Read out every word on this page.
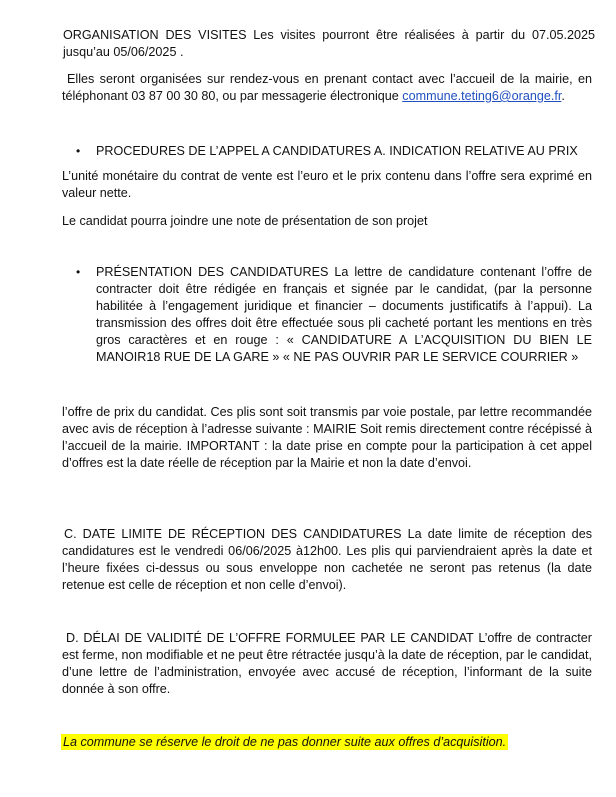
ORGANISATION DES VISITES Les visites pourront être réalisées à partir du 07.05.2025
jusqu’au 05/06/2025 .
Elles seront organisées sur rendez-vous en prenant contact avec l’accueil de la mairie, en
téléphonant 03 87 00 30 80, ou par messagerie électronique commune.teting6@orange.fr.
• PROCEDURES DE L’APPEL A CANDIDATURES A. INDICATION RELATIVE AU PRIX
L’unité monétaire du contrat de vente est l’euro et le prix contenu dans l’offre sera exprimé en valeur nette.
Le candidat pourra joindre une note de présentation de son projet
• PRÉSENTATION DES CANDIDATURES La lettre de candidature contenant l’offre de contracter doit être rédigée en français et signée par le candidat, (par la personne habilitée à l’engagement juridique et financier – documents justificatifs à l’appui). La transmission des offres doit être effectuée sous pli cacheté portant les mentions en très gros caractères et en rouge : « CANDIDATURE A L’ACQUISITION DU BIEN LE MANOIR18 RUE DE LA GARE » « NE PAS OUVRIR PAR LE SERVICE COURRIER »
l’offre de prix du candidat. Ces plis sont soit transmis par voie postale, par lettre recommandée avec avis de réception à l’adresse suivante : MAIRIE Soit remis directement contre récépissé à l’accueil de la mairie. IMPORTANT : la date prise en compte pour la participation à cet appel d’offres est la date réelle de réception par la Mairie et non la date d’envoi.
C. DATE LIMITE DE RÉCEPTION DES CANDIDATURES La date limite de réception des candidatures est le vendredi 06/06/2025 à12h00. Les plis qui parviendraient après la date et l’heure fixées ci-dessus ou sous enveloppe non cachetée ne seront pas retenus (la date retenue est celle de réception et non celle d’envoi).
D. DÉLAI DE VALIDITÉ DE L’OFFRE FORMULEE PAR LE CANDIDAT L’offre de contracter est ferme, non modifiable et ne peut être rétractée jusqu’à la date de réception, par le candidat, d’une lettre de l’administration, envoyée avec accusé de réception, l’informant de la suite donnée à son offre.
La commune se réserve le droit de ne pas donner suite aux offres d’acquisition.
